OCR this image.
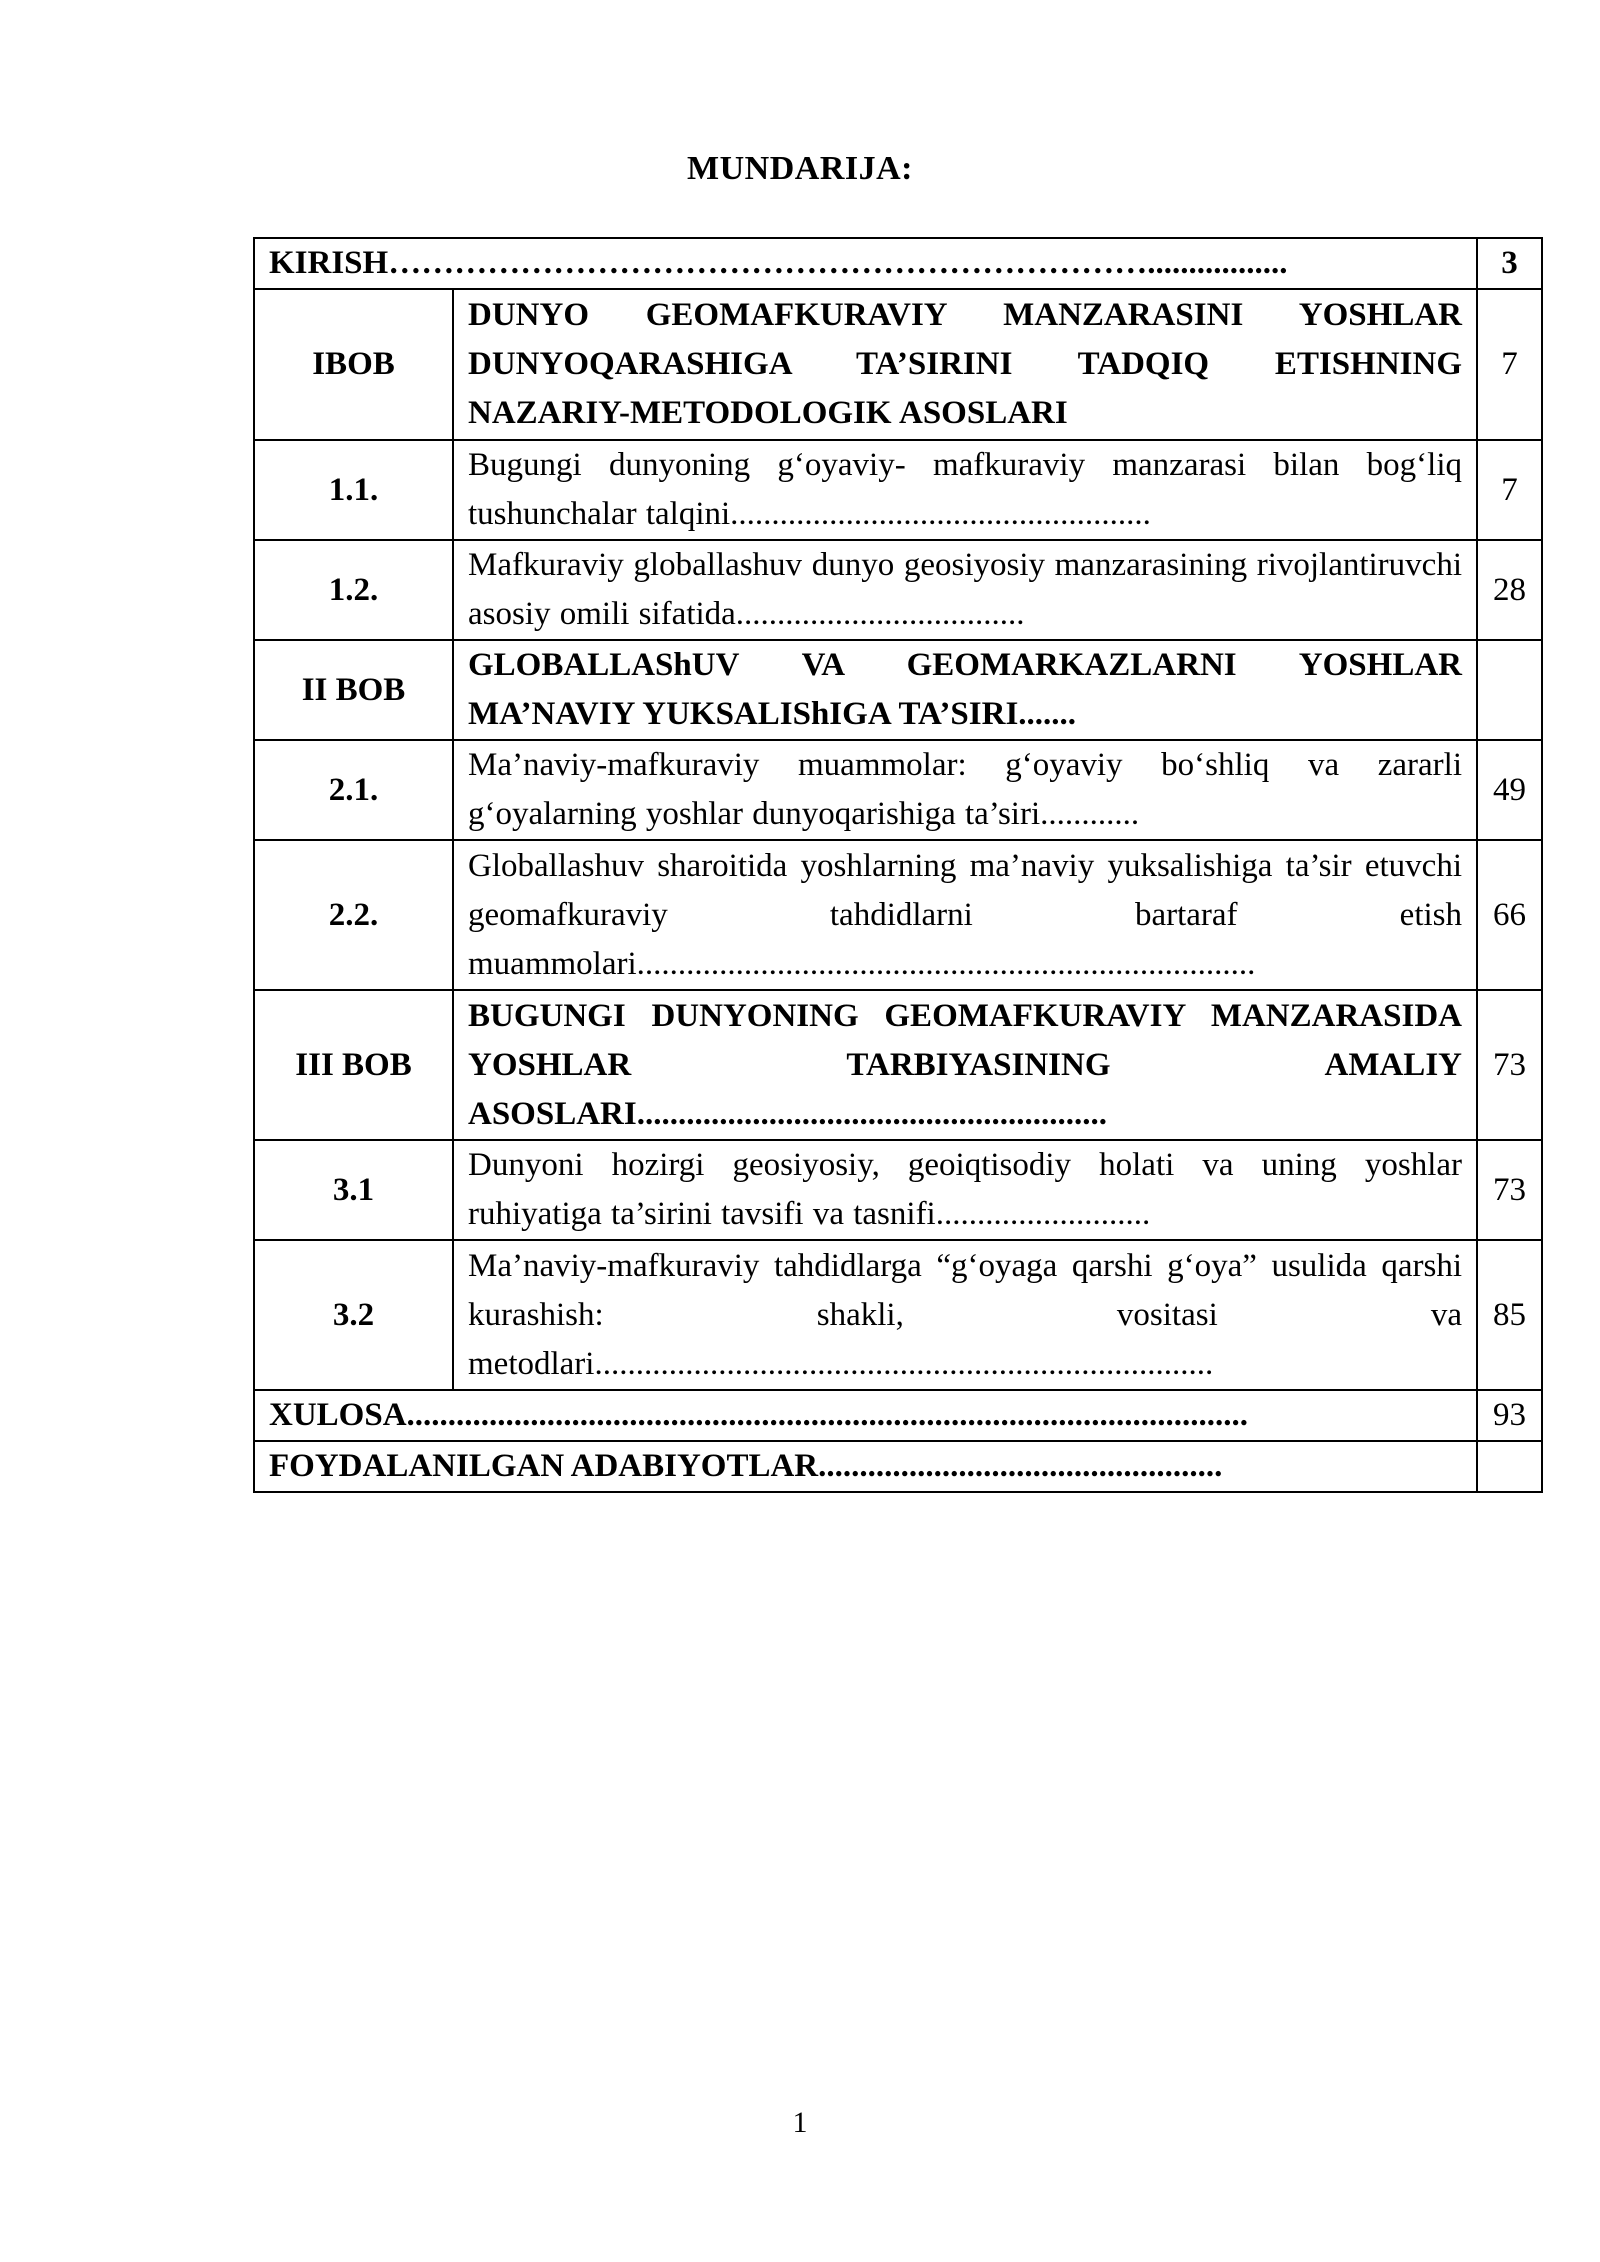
MUNDARIJA:
KIRISH…………………………………………………………….................		3
IBOB	DUNYO GEOMAFKURAVIY MANZARASINI YOSHLAR DUNYOQARASHIGA TA’SIRINI TADQIQ ETISHNING NAZARIY-METODOLOGIK ASOSLARI	7
1.1.	Bugungi dunyoning g‘oyaviy- mafkuraviy manzarasi bilan bog‘liq tushunchalar talqini...................................................	7
1.2.	Mafkuraviy globallashuv dunyo geosiyosiy manzarasining rivojlantiruvchi asosiy omili sifatida...................................	28
II BOB	GLOBALLAShUV VA GEOMARKAZLARNI YOSHLAR MA’NAVIY YUKSALIShIGA TA’SIRI.......	
2.1.	Ma’naviy-mafkuraviy muammolar: g‘oyaviy bo‘shliq va zararli g‘oyalarning yoshlar dunyoqarishiga ta’siri............	49
2.2.	Globallashuv sharoitida yoshlarning ma’naviy yuksalishiga ta’sir etuvchi geomafkuraviy tahdidlarni bartaraf etish muammolari...........................................................................	66
III BOB	BUGUNGI DUNYONING GEOMAFKURAVIY MANZARASIDA YOSHLAR TARBIYASINING AMALIY ASOSLARI.........................................................	73
3.1	Dunyoni hozirgi geosiyosiy, geoiqtisodiy holati va uning yoshlar ruhiyatiga ta’sirini tavsifi va tasnifi..........................	73
3.2	Ma’naviy-mafkuraviy tahdidlarga “g‘oyaga qarshi g‘oya” usulida qarshi kurashish: shakli, vositasi va metodlari...........................................................................	85
XULOSA......................................................................................................		93
FOYDALANILGAN ADABIYOTLAR.................................................		
1
